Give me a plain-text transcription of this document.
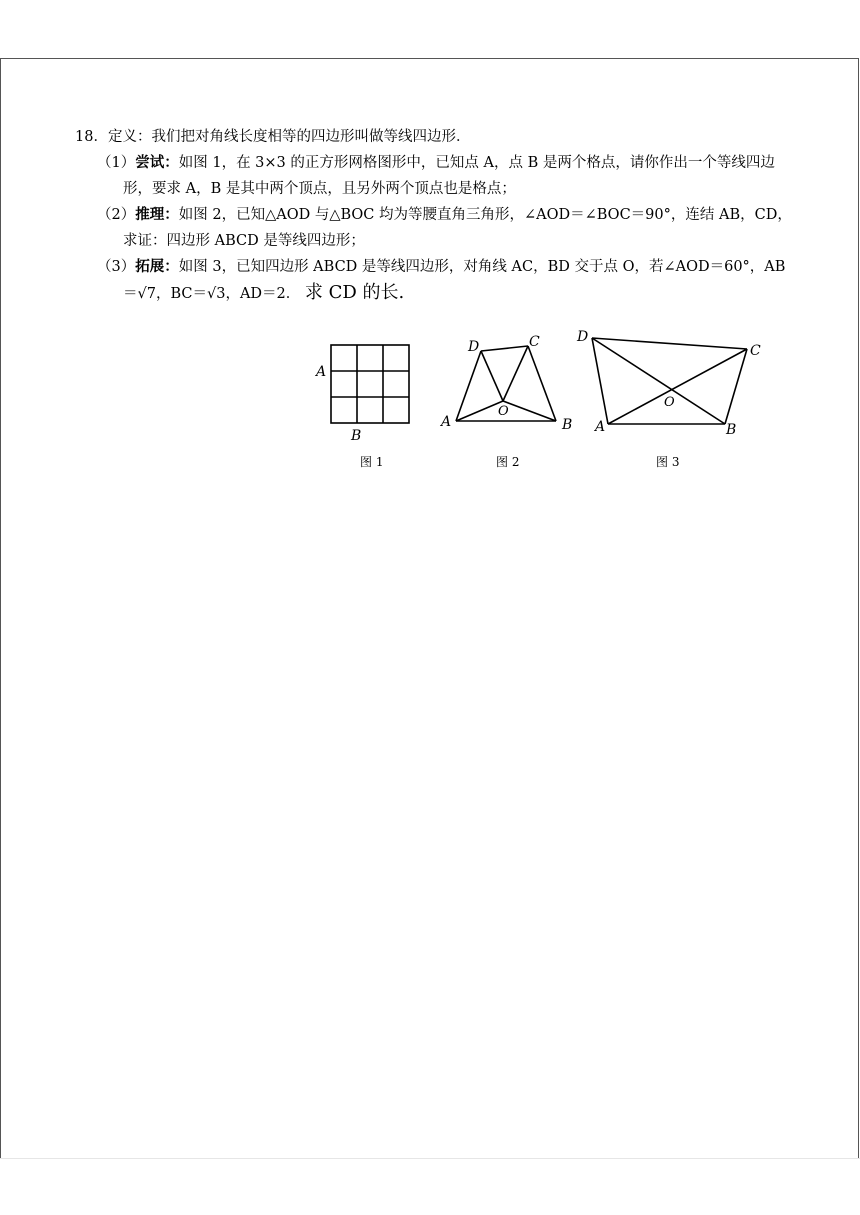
18．定义：我们把对角线长度相等的四边形叫做等线四边形．
（1）尝试：如图 1，在 3×3 的正方形网格图形中，已知点 A，点 B 是两个格点，请你作出一个等线四边
形，要求 A，B 是其中两个顶点，且另外两个顶点也是格点；
（2）推理：如图 2，已知△AOD 与△BOC 均为等腰直角三角形，∠AOD＝∠BOC＝90°，连结 AB，CD，
求证：四边形 ABCD 是等线四边形；
（3）拓展：如图 3，已知四边形 ABCD 是等线四边形，对角线 AC，BD 交于点 O，若∠AOD＝60°，AB
＝√7，BC＝√3，AD＝2． 求 CD 的长.
A
B
图 1
A	B
C
D
O
图 2
D
C
A	B
O
图 3
